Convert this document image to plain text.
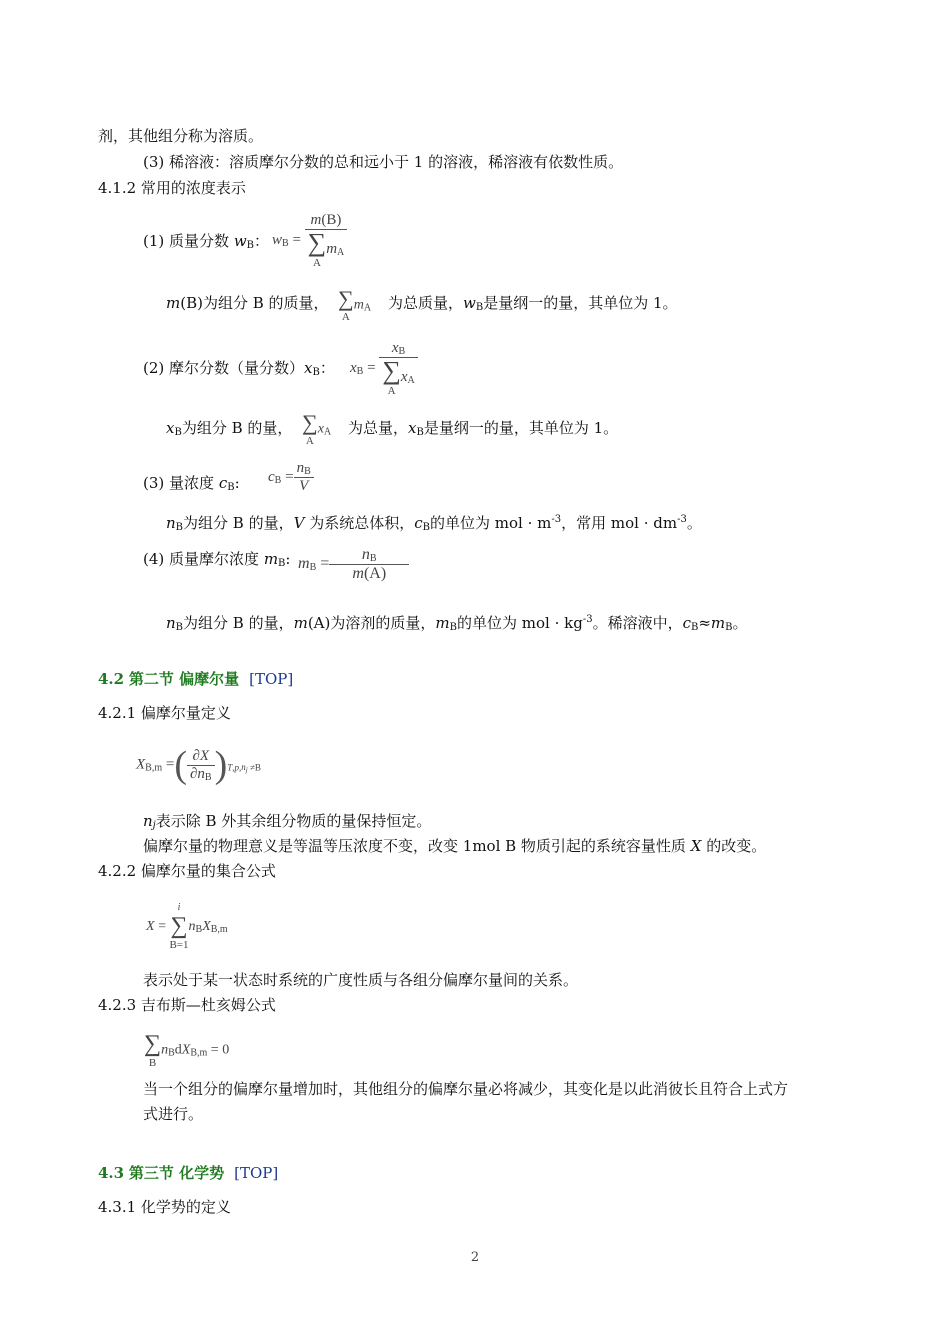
剂，其他组分称为溶质。
(3) 稀溶液：溶质摩尔分数的总和远小于 1 的溶液，稀溶液有依数性质。
4.1.2 常用的浓度表示
(1) 质量分数 $w_B$： $w_B = m(B)$
∑
A
$m_A$
m(B)为组分 B 的质量， ∑
A
$m_A$ 为总质量，$w_B$是量纲一的量，其单位为 1。
(2) 摩尔分数（量分数）$x_B$： $x_B = x_B$
∑
A
$x_A$
$x_B$为组分 B 的量， ∑
A
$x_A$ 为总量，$x_B$是量纲一的量，其单位为 1。
(3) 量浓度 $c_B$: $c_B = \frac{n_B}{V}$
$n_B$为组分 B 的量，V 为系统总体积，$c_B$的单位为 mol · $m^{-3}$，常用 mol · $dm^{-3}$。
(4) 质量摩尔浓度 $m_B$: $m_B = \frac{n_B}{m(A)}$
$n_B$为组分 B 的量，m(A)为溶剂的质量，$m_B$的单位为 mol · $kg^{-3}$。稀溶液中，$c_B\approx m_B$。
4.2 第二节 偏摩尔量 [TOP]
4.2.1 偏摩尔量定义
$X_{B,m}$ =( $\frac{\partial X}{\partial n_B} )_{T,p,n_j \ne B}$
$n_j$表示除 B 外其余组分物质的量保持恒定。
偏摩尔量的物理意义是等温等压浓度不变，改变 1mol B 物质引起的系统容量性质 X 的改变。
4.2.2 偏摩尔量的集合公式
X =
i
∑
B=1
$n_BX_{B,m}$
表示处于某一状态时系统的广度性质与各组分偏摩尔量间的关系。
4.2.3 吉布斯—杜亥姆公式
∑
B
$n_BdX_{B,m} = 0$
当一个组分的偏摩尔量增加时，其他组分的偏摩尔量必将减少，其变化是以此消彼长且符合上式方
式进行。
4.3 第三节 化学势 [TOP]
4.3.1 化学势的定义
2
